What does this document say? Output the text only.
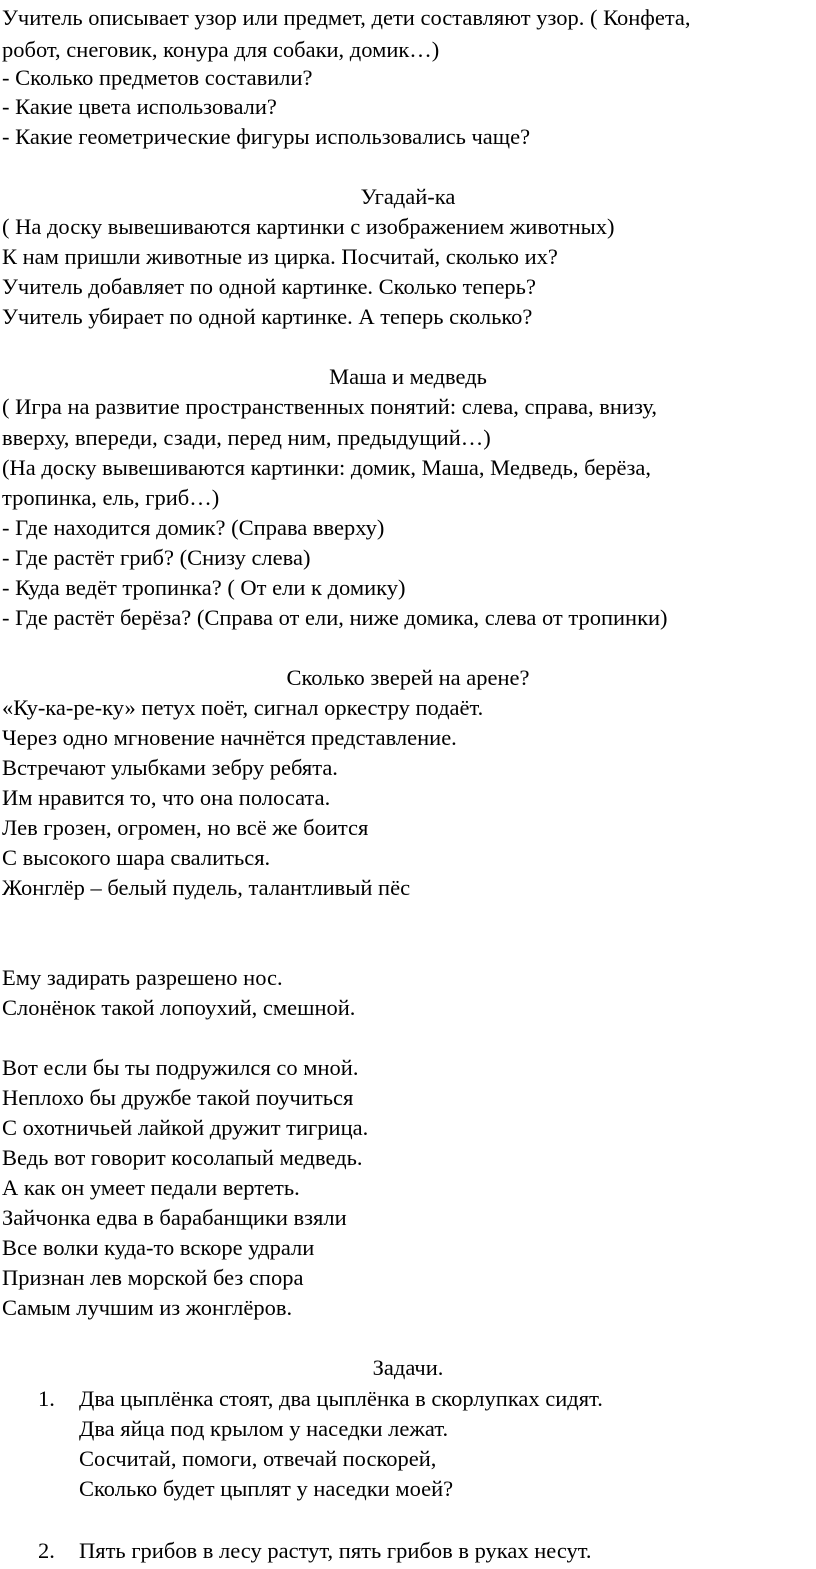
Учитель описывает узор или предмет, дети составляют узор. ( Конфета,
робот, снеговик, конура для собаки, домик…)
- Сколько предметов составили?
- Какие цвета использовали?
- Какие геометрические фигуры использовались чаще?
Угадай-ка
( На доску вывешиваются картинки с изображением животных)
К нам пришли животные из цирка. Посчитай, сколько их?
Учитель добавляет по одной картинке. Сколько теперь?
Учитель убирает по одной картинке. А теперь сколько?
Маша и медведь
( Игра на развитие пространственных понятий: слева, справа, внизу,
вверху, впереди, сзади, перед ним, предыдущий…)
(На доску вывешиваются картинки: домик, Маша, Медведь, берёза,
тропинка, ель, гриб…)
- Где находится домик? (Справа вверху)
- Где растёт гриб? (Снизу слева)
- Куда ведёт тропинка? ( От ели к домику)
- Где растёт берёза? (Справа от ели, ниже домика, слева от тропинки)
Сколько зверей на арене?
«Ку-ка-ре-ку» петух поёт, сигнал оркестру подаёт.
Через одно мгновение начнётся представление.
Встречают улыбками зебру ребята.
Им нравится то, что она полосата.
Лев грозен, огромен, но всё же боится
С высокого шара свалиться.
Жонглёр – белый пудель, талантливый пёс
Ему задирать разрешено нос.
Слонёнок такой лопоухий, смешной.
Вот если бы ты подружился со мной.
Неплохо бы дружбе такой поучиться
С охотничьей лайкой дружит тигрица.
Ведь вот говорит косолапый медведь.
А как он умеет педали вертеть.
Зайчонка едва в барабанщики взяли
Все волки куда-то вскоре удрали
Признан лев морской без спора
Самым лучшим из жонглёров.
Задачи.
1. Два цыплёнка стоят, два цыплёнка в скорлупках сидят.
Два яйца под крылом у наседки лежат.
Сосчитай, помоги, отвечай поскорей,
Сколько будет цыплят у наседки моей?
2. Пять грибов в лесу растут, пять грибов в руках несут.
